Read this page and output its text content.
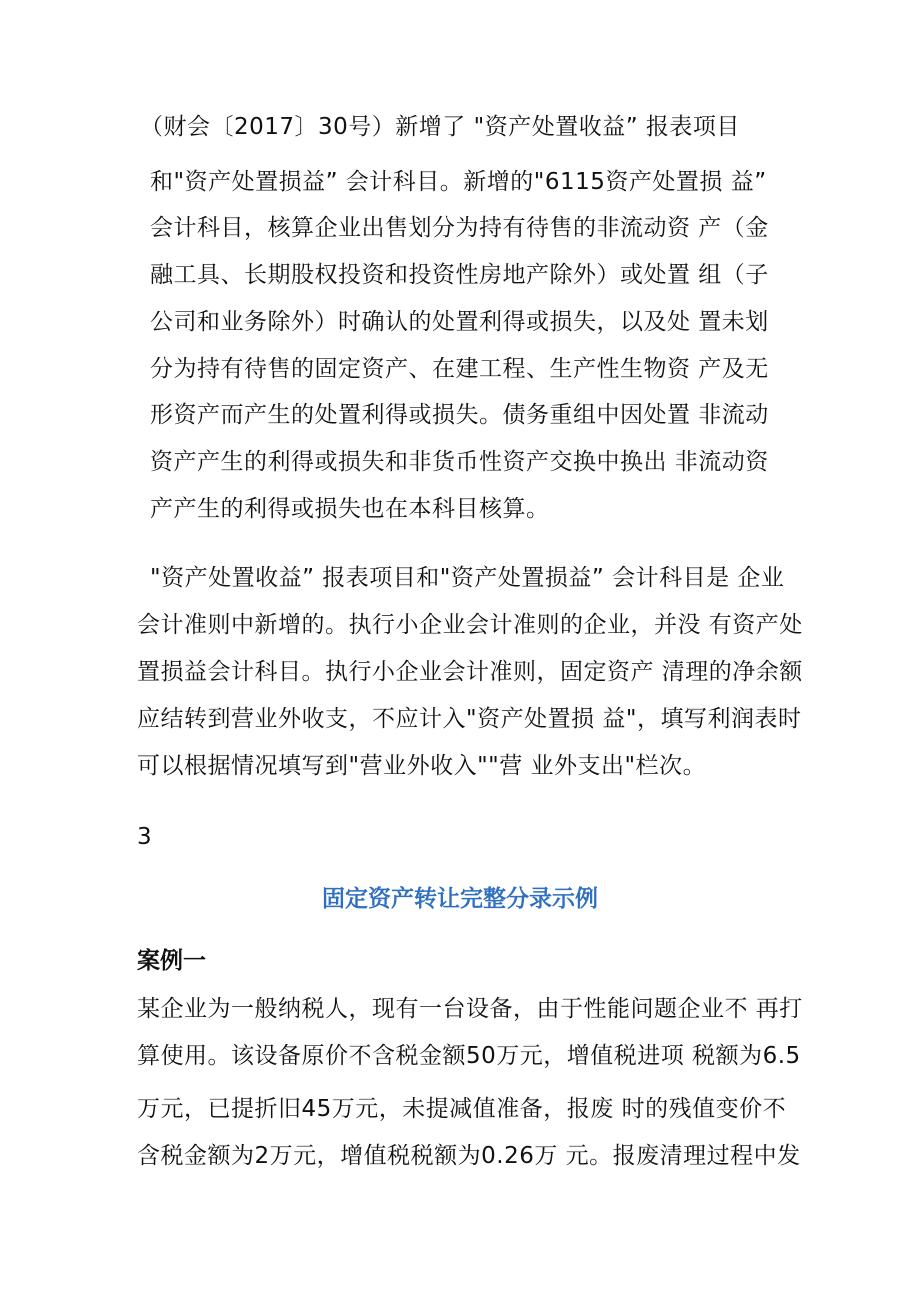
（财会〔2017〕30号）新增了 "资产处置收益” 报表项目
和"资产处置损益” 会计科目。新增的"6115资产处置损 益”
会计科目，核算企业出售划分为持有待售的非流动资 产（金
融工具、长期股权投资和投资性房地产除外）或处置 组（子
公司和业务除外）时确认的处置利得或损失，以及处 置未划
分为持有待售的固定资产、在建工程、生产性生物资 产及无
形资产而产生的处置利得或损失。债务重组中因处置 非流动
资产产生的利得或损失和非货币性资产交换中换出 非流动资
产产生的利得或损失也在本科目核算。
"资产处置收益” 报表项目和"资产处置损益” 会计科目是 企业
会计准则中新增的。执行小企业会计准则的企业，并没 有资产处
置损益会计科目。执行小企业会计准则，固定资产 清理的净余额
应结转到营业外收支，不应计入"资产处置损 益"，填写利润表时
可以根据情况填写到"营业外收入""营 业外支出"栏次。
3
固定资产转让完整分录示例
案例一
某企业为一般纳税人，现有一台设备，由于性能问题企业不 再打
算使用。该设备原价不含税金额50万元，增值税进项 税额为6.5
万元，已提折旧45万元，未提减值准备，报废 时的残值变价不
含税金额为2万元，增值税税额为0.26万 元。报废清理过程中发
